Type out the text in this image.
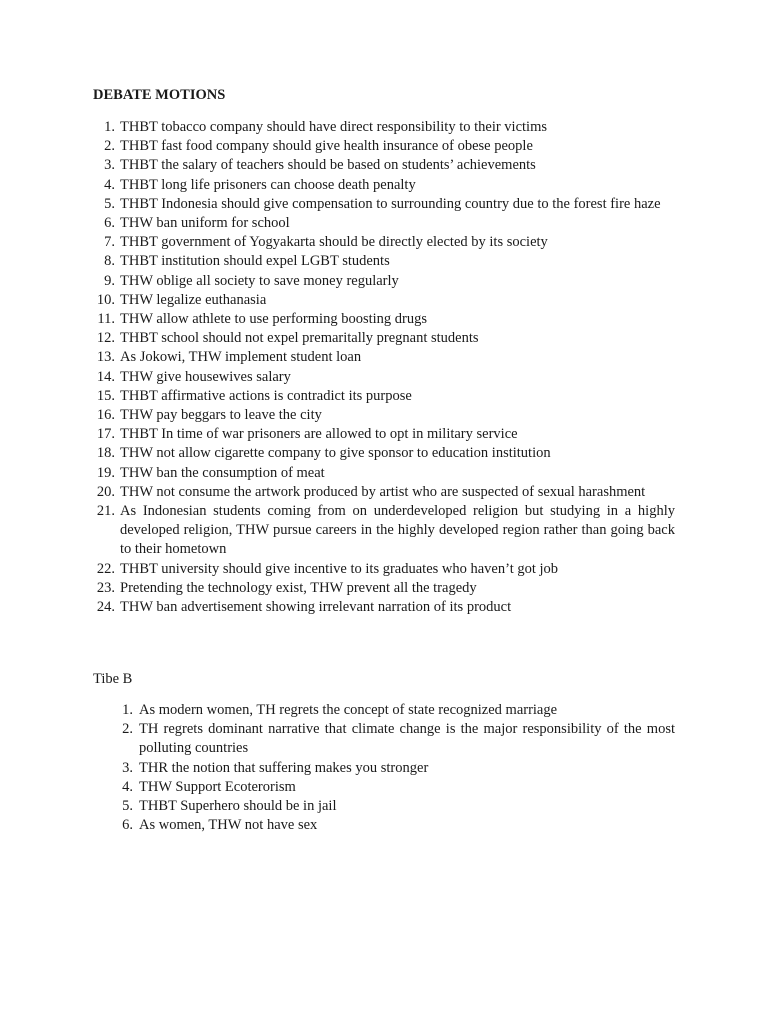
DEBATE MOTIONS
1. THBT tobacco company should have direct responsibility to their victims
2. THBT fast food company should give health insurance of obese people
3. THBT the salary of teachers should be based on students’ achievements
4. THBT long life prisoners can choose death penalty
5. THBT Indonesia should give compensation to surrounding country due to the forest fire haze
6. THW ban uniform for school
7. THBT government of Yogyakarta should be directly elected by its society
8. THBT institution should expel LGBT students
9. THW oblige all society to save money regularly
10. THW legalize euthanasia
11. THW allow athlete to use performing boosting drugs
12. THBT school should not expel premaritally pregnant students
13. As Jokowi, THW implement student loan
14. THW give housewives salary
15. THBT affirmative actions is contradict its purpose
16. THW pay beggars to leave the city
17. THBT In time of war prisoners are allowed to opt in military service
18. THW not allow cigarette company to give sponsor to education institution
19. THW ban the consumption of meat
20. THW not consume the artwork produced by artist who are suspected of sexual harashment
21. As Indonesian students coming from on underdeveloped religion but studying in a highly developed religion, THW pursue careers in the highly developed region rather than going back to their hometown
22. THBT university should give incentive to its graduates who haven’t got job
23. Pretending the technology exist, THW prevent all the tragedy
24. THW ban advertisement showing irrelevant narration of its product
Tibe B
1. As modern women, TH regrets the concept of state recognized marriage
2. TH regrets dominant narrative that climate change is the major responsibility of the most polluting countries
3. THR the notion that suffering makes you stronger
4. THW Support Ecoterorism
5. THBT Superhero should be in jail
6. As women, THW not have sex
